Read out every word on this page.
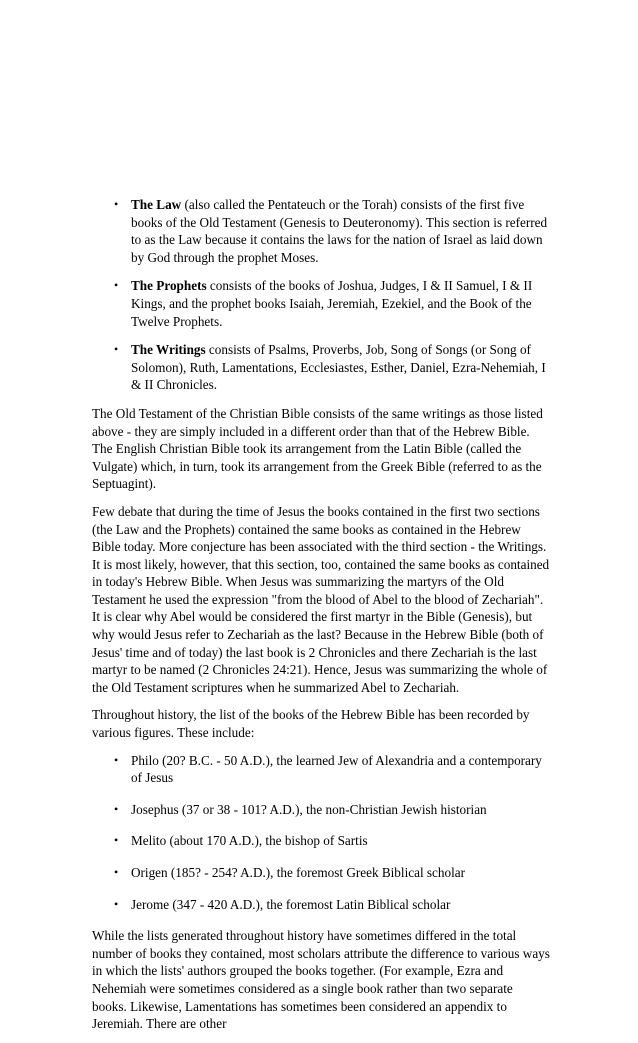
• The Law (also called the Pentateuch or the Torah) consists of the first five books of the Old Testament (Genesis to Deuteronomy). This section is referred to as the Law because it contains the laws for the nation of Israel as laid down by God through the prophet Moses.
• The Prophets consists of the books of Joshua, Judges, I & II Samuel, I & II Kings, and the prophet books Isaiah, Jeremiah, Ezekiel, and the Book of the Twelve Prophets.
• The Writings consists of Psalms, Proverbs, Job, Song of Songs (or Song of Solomon), Ruth, Lamentations, Ecclesiastes, Esther, Daniel, Ezra-Nehemiah, I & II Chronicles.

The Old Testament of the Christian Bible consists of the same writings as those listed above - they are simply included in a different order than that of the Hebrew Bible. The English Christian Bible took its arrangement from the Latin Bible (called the Vulgate) which, in turn, took its arrangement from the Greek Bible (referred to as the Septuagint).

Few debate that during the time of Jesus the books contained in the first two sections (the Law and the Prophets) contained the same books as contained in the Hebrew Bible today. More conjecture has been associated with the third section - the Writings. It is most likely, however, that this section, too, contained the same books as contained in today's Hebrew Bible. When Jesus was summarizing the martyrs of the Old Testament he used the expression "from the blood of Abel to the blood of Zechariah". It is clear why Abel would be considered the first martyr in the Bible (Genesis), but why would Jesus refer to Zechariah as the last? Because in the Hebrew Bible (both of Jesus' time and of today) the last book is 2 Chronicles and there Zechariah is the last martyr to be named (2 Chronicles 24:21). Hence, Jesus was summarizing the whole of the Old Testament scriptures when he summarized Abel to Zechariah.

Throughout history, the list of the books of the Hebrew Bible has been recorded by various figures. These include:

• Philo (20? B.C. - 50 A.D.), the learned Jew of Alexandria and a contemporary of Jesus
• Josephus (37 or 38 - 101? A.D.), the non-Christian Jewish historian
• Melito (about 170 A.D.), the bishop of Sartis
• Origen (185? - 254? A.D.), the foremost Greek Biblical scholar
• Jerome (347 - 420 A.D.), the foremost Latin Biblical scholar

While the lists generated throughout history have sometimes differed in the total number of books they contained, most scholars attribute the difference to various ways in which the lists' authors grouped the books together. (For example, Ezra and Nehemiah were sometimes considered as a single book rather than two separate books. Likewise, Lamentations has sometimes been considered an appendix to Jeremiah. There are other
